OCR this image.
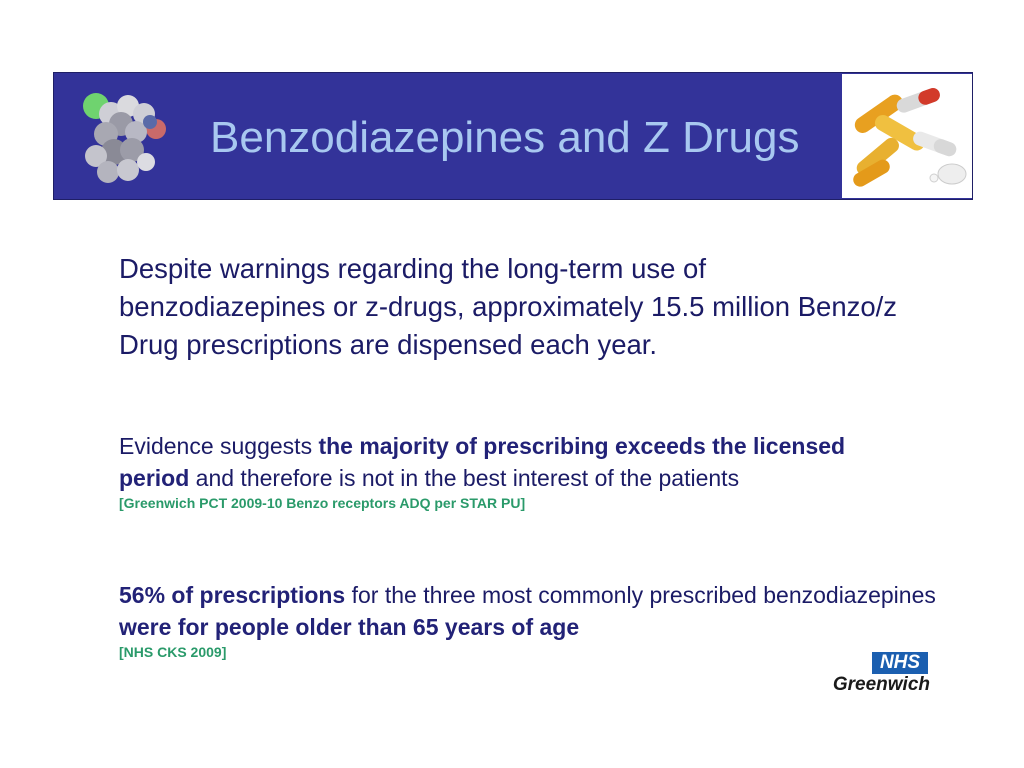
Benzodiazepines and Z Drugs
Despite warnings regarding the long-term use of benzodiazepines or z-drugs, approximately 15.5 million Benzo/z Drug prescriptions are dispensed each year.
Evidence suggests the majority of prescribing exceeds the licensed period and therefore is not in the best interest of the patients
[Greenwich PCT 2009-10 Benzo receptors ADQ per STAR PU]
56% of prescriptions for the three most commonly prescribed benzodiazepines were for people older than 65 years of age
[NHS CKS 2009]	NHS
Greenwich
